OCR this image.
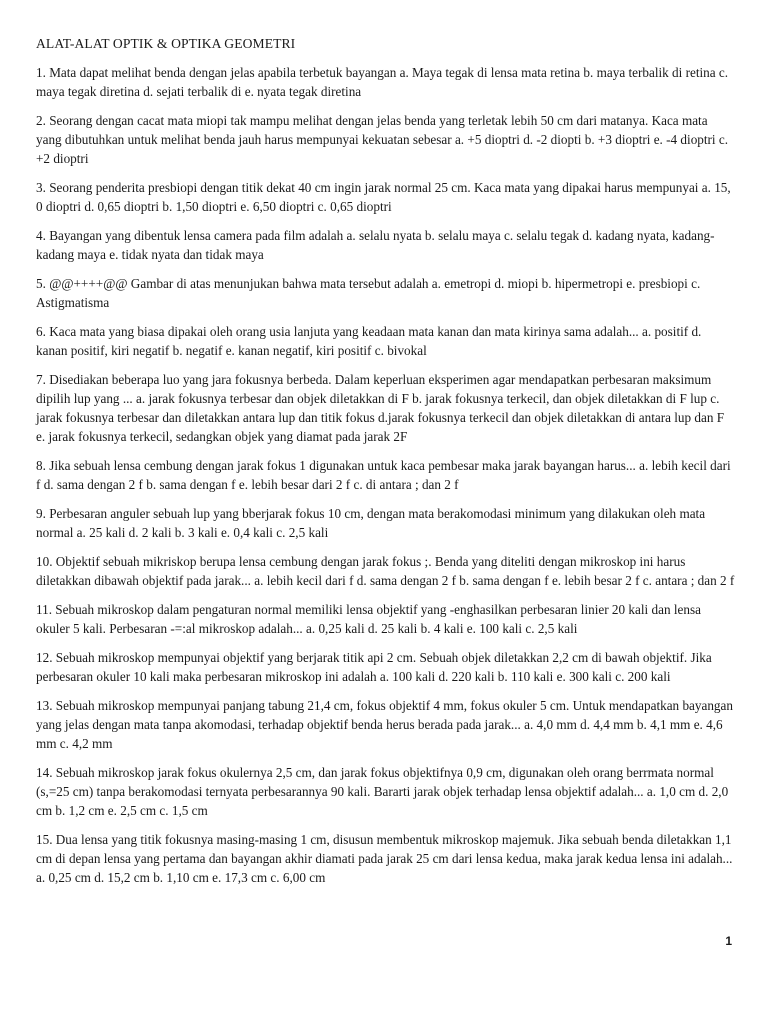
ALAT-ALAT OPTIK & OPTIKA GEOMETRI
1. Mata dapat melihat benda dengan jelas apabila terbetuk bayangan a. Maya tegak di lensa mata retina b. maya terbalik di retina c. maya tegak diretina d. sejati terbalik di e. nyata tegak diretina
2. Seorang dengan cacat mata miopi tak mampu melihat dengan jelas benda yang terletak lebih 50 cm dari matanya. Kaca mata yang dibutuhkan untuk melihat benda jauh harus mempunyai kekuatan sebesar a. +5 dioptri d. -2 diopti b. +3 dioptri e. -4 dioptri c. +2 dioptri
3. Seorang penderita presbiopi dengan titik dekat 40 cm ingin jarak normal 25 cm. Kaca mata yang dipakai harus mempunyai a. 15, 0 dioptri d. 0,65 dioptri b. 1,50 dioptri e. 6,50 dioptri c. 0,65 dioptri
4. Bayangan yang dibentuk lensa camera pada film adalah a. selalu nyata b. selalu maya c. selalu tegak d. kadang nyata, kadang-kadang maya e. tidak nyata dan tidak maya
5. @@++++@@ Gambar di atas menunjukan bahwa mata tersebut adalah a. emetropi d. miopi b. hipermetropi e. presbiopi c. Astigmatisma
6. Kaca mata yang biasa dipakai oleh orang usia lanjuta yang keadaan mata kanan dan mata kirinya sama adalah... a. positif d. kanan positif, kiri negatif b. negatif e. kanan negatif, kiri positif c. bivokal
7. Disediakan beberapa luo yang jara fokusnya berbeda. Dalam keperluan eksperimen agar mendapatkan perbesaran maksimum dipilih lup yang ... a. jarak fokusnya terbesar dan objek diletakkan di F b. jarak fokusnya terkecil, dan objek diletakkan di F lup c. jarak fokusnya terbesar dan diletakkan antara lup dan titik fokus d.jarak fokusnya terkecil dan objek diletakkan di antara lup dan F e. jarak fokusnya terkecil, sedangkan objek yang diamat pada jarak 2F
8. Jika sebuah lensa cembung dengan jarak fokus 1 digunakan untuk kaca pembesar maka jarak bayangan harus... a. lebih kecil dari f d. sama dengan 2 f b. sama dengan f e. lebih besar dari 2 f c. di antara ; dan 2 f
9. Perbesaran anguler sebuah lup yang bberjarak fokus 10 cm, dengan mata berakomodasi minimum yang dilakukan oleh mata normal a. 25 kali d. 2 kali b. 3 kali e. 0,4 kali c. 2,5 kali
10. Objektif sebuah mikriskop berupa lensa cembung dengan jarak fokus ;. Benda yang diteliti dengan mikroskop ini harus diletakkan dibawah objektif pada jarak... a. lebih kecil dari f d. sama dengan 2 f b. sama dengan f e. lebih besar 2 f c. antara ; dan 2 f
11. Sebuah mikroskop dalam pengaturan normal memiliki lensa objektif yang -enghasilkan perbesaran linier 20 kali dan lensa okuler 5 kali. Perbesaran -=:al mikroskop adalah... a. 0,25 kali d. 25 kali b. 4 kali e. 100 kali c. 2,5 kali
12. Sebuah mikroskop mempunyai objektif yang berjarak titik api 2 cm. Sebuah objek diletakkan 2,2 cm di bawah objektif. Jika perbesaran okuler 10 kali maka perbesaran mikroskop ini adalah a. 100 kali d. 220 kali b. 110 kali e. 300 kali c. 200 kali
13. Sebuah mikroskop mempunyai panjang tabung 21,4 cm, fokus objektif 4 mm, fokus okuler 5 cm. Untuk mendapatkan bayangan yang jelas dengan mata tanpa akomodasi, terhadap objektif benda herus berada pada jarak... a. 4,0 mm d. 4,4 mm b. 4,1 mm e. 4,6 mm c. 4,2 mm
14. Sebuah mikroskop jarak fokus okulernya 2,5 cm, dan jarak fokus objektifnya 0,9 cm, digunakan oleh orang berrmata normal (s,=25 cm) tanpa berakomodasi ternyata perbesarannya 90 kali. Bararti jarak objek terhadap lensa objektif adalah... a. 1,0 cm d. 2,0 cm b. 1,2 cm e. 2,5 cm c. 1,5 cm
15. Dua lensa yang titik fokusnya masing-masing 1 cm, disusun membentuk mikroskop majemuk. Jika sebuah benda diletakkan 1,1 cm di depan lensa yang pertama dan bayangan akhir diamati pada jarak 25 cm dari lensa kedua, maka jarak kedua lensa ini adalah... a. 0,25 cm d. 15,2 cm b. 1,10 cm e. 17,3 cm c. 6,00 cm
1
